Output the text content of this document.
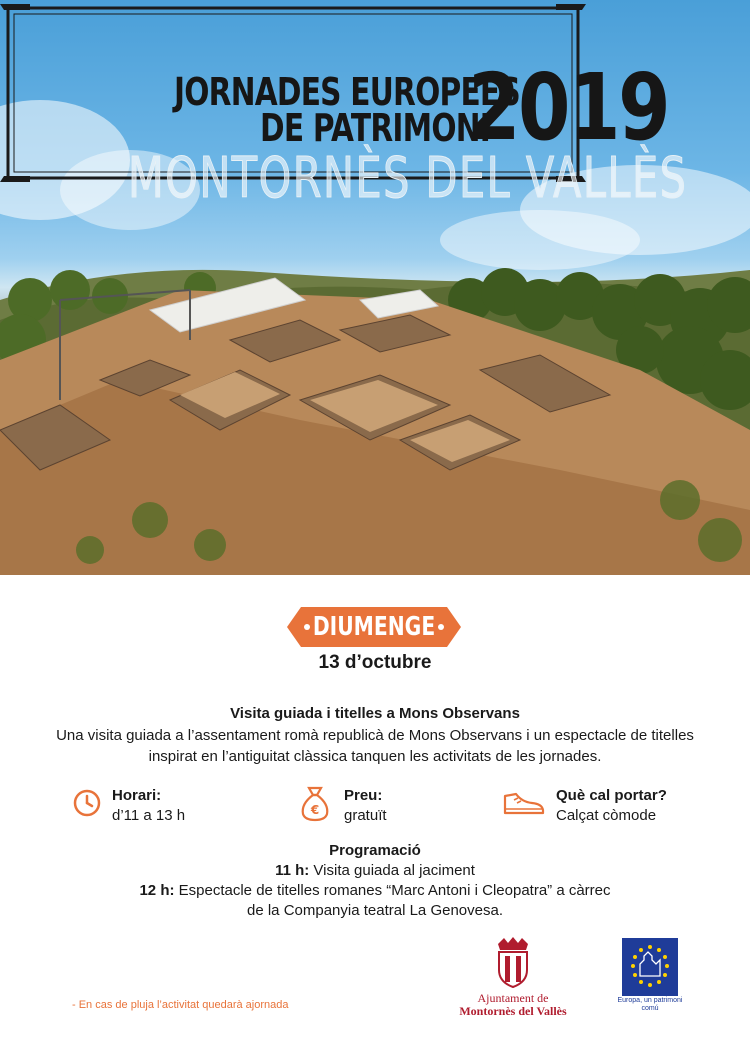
JORNADES EUROPEES
DE PATRIMONI
2019
MONTORNÈS DEL VALLÈS
DIUMENGE
13 d’octubre
Visita guiada i titelles a Mons Observans
Una visita guiada a l’assentament romà republicà de Mons Observans i un espectacle de titelles inspirat en l’antiguitat clàssica tanquen les activitats de les jornades.
Horari:
d’11 a 13 h	€
Preu:
gratuït
Què cal portar?
Calçat còmode
Programació
11 h: Visita guiada al jaciment
12 h: Espectacle de titelles romanes “Marc Antoni i Cleopatra” a càrrec
de la Companyia teatral La Genovesa.
- En cas de pluja l’activitat quedarà ajornada	Ajuntament de
Montornès del Vallès
Europa, un patrimoni comú
